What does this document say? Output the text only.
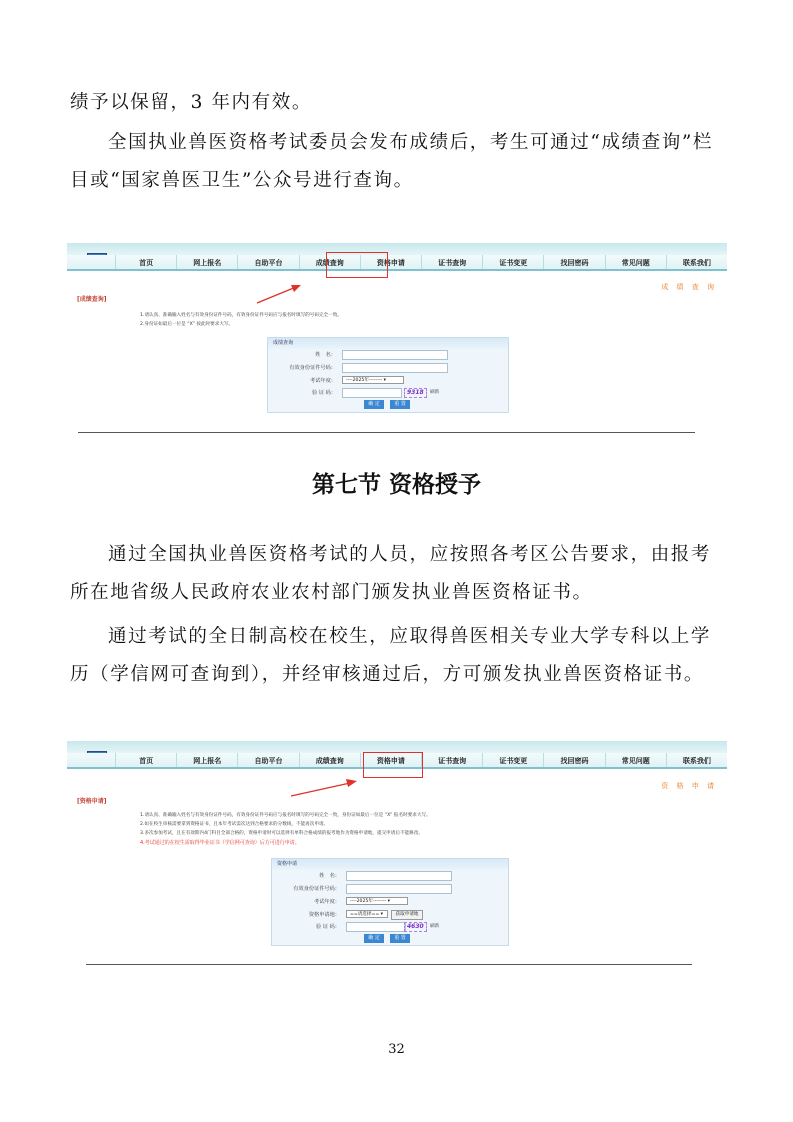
绩予以保留，3 年内有效。

全国执业兽医资格考试委员会发布成绩后，考生可通过“成绩查询”栏目或“国家兽医卫生”公众号进行查询。

首页	网上报名	自助平台	成绩查询	资格申请	证书查询	证书变更	找回密码	常见问题	联系我们
成 绩 查 询
[成绩查询]
1.请认真、准确输入姓名与有效身份证件号码，有效身份证件号码应与报名时填写的号码完全一致。
2.身份证如最后一位是 “X” 按此时要求大写。
成绩查询
姓　名：
有效身份证件号码：
考试年度：	----2025年-------- ▾
验 证 码：	9318	刷新
确 定	重 置
第七节 资格授予

通过全国执业兽医资格考试的人员，应按照各考区公告要求，由报考所在地省级人民政府农业农村部门颁发执业兽医资格证书。

通过考试的全日制高校在校生，应取得兽医相关专业大学专科以上学历（学信网可查询到），并经审核通过后，方可颁发执业兽医资格证书。

首页	网上报名	自助平台	成绩查询	资格申请	证书查询	证书变更	找回密码	常见问题	联系我们
资 格 申 请
[资格申请]
1.请认真、准确输入姓名与有效身份证件号码，有效身份证件号码应与报名时填写的号码完全一致，身份证如最后一位是 “X” 报名时要求大写。
2.如在校生审核需要拿到资格证书，且本年考试需次达到合格要求的分数线，不能再次申请。
3.多次参加考试，且在有效期内4门科目全部合格的，资格申请时可以选择有单科合格成绩的报考地作为资格申请地，提交申请后不能修改。
4.考试通过的在校生需取得毕业证书（学信网可查询）后方可进行申请。
资格申请
姓　名：
有效身份证件号码：
考试年度：	----2025年-------- ▾
资格申请地：	==请选择== ▾	获取申请地
验 证 码：	4630	刷新
确 定	重 置
32
